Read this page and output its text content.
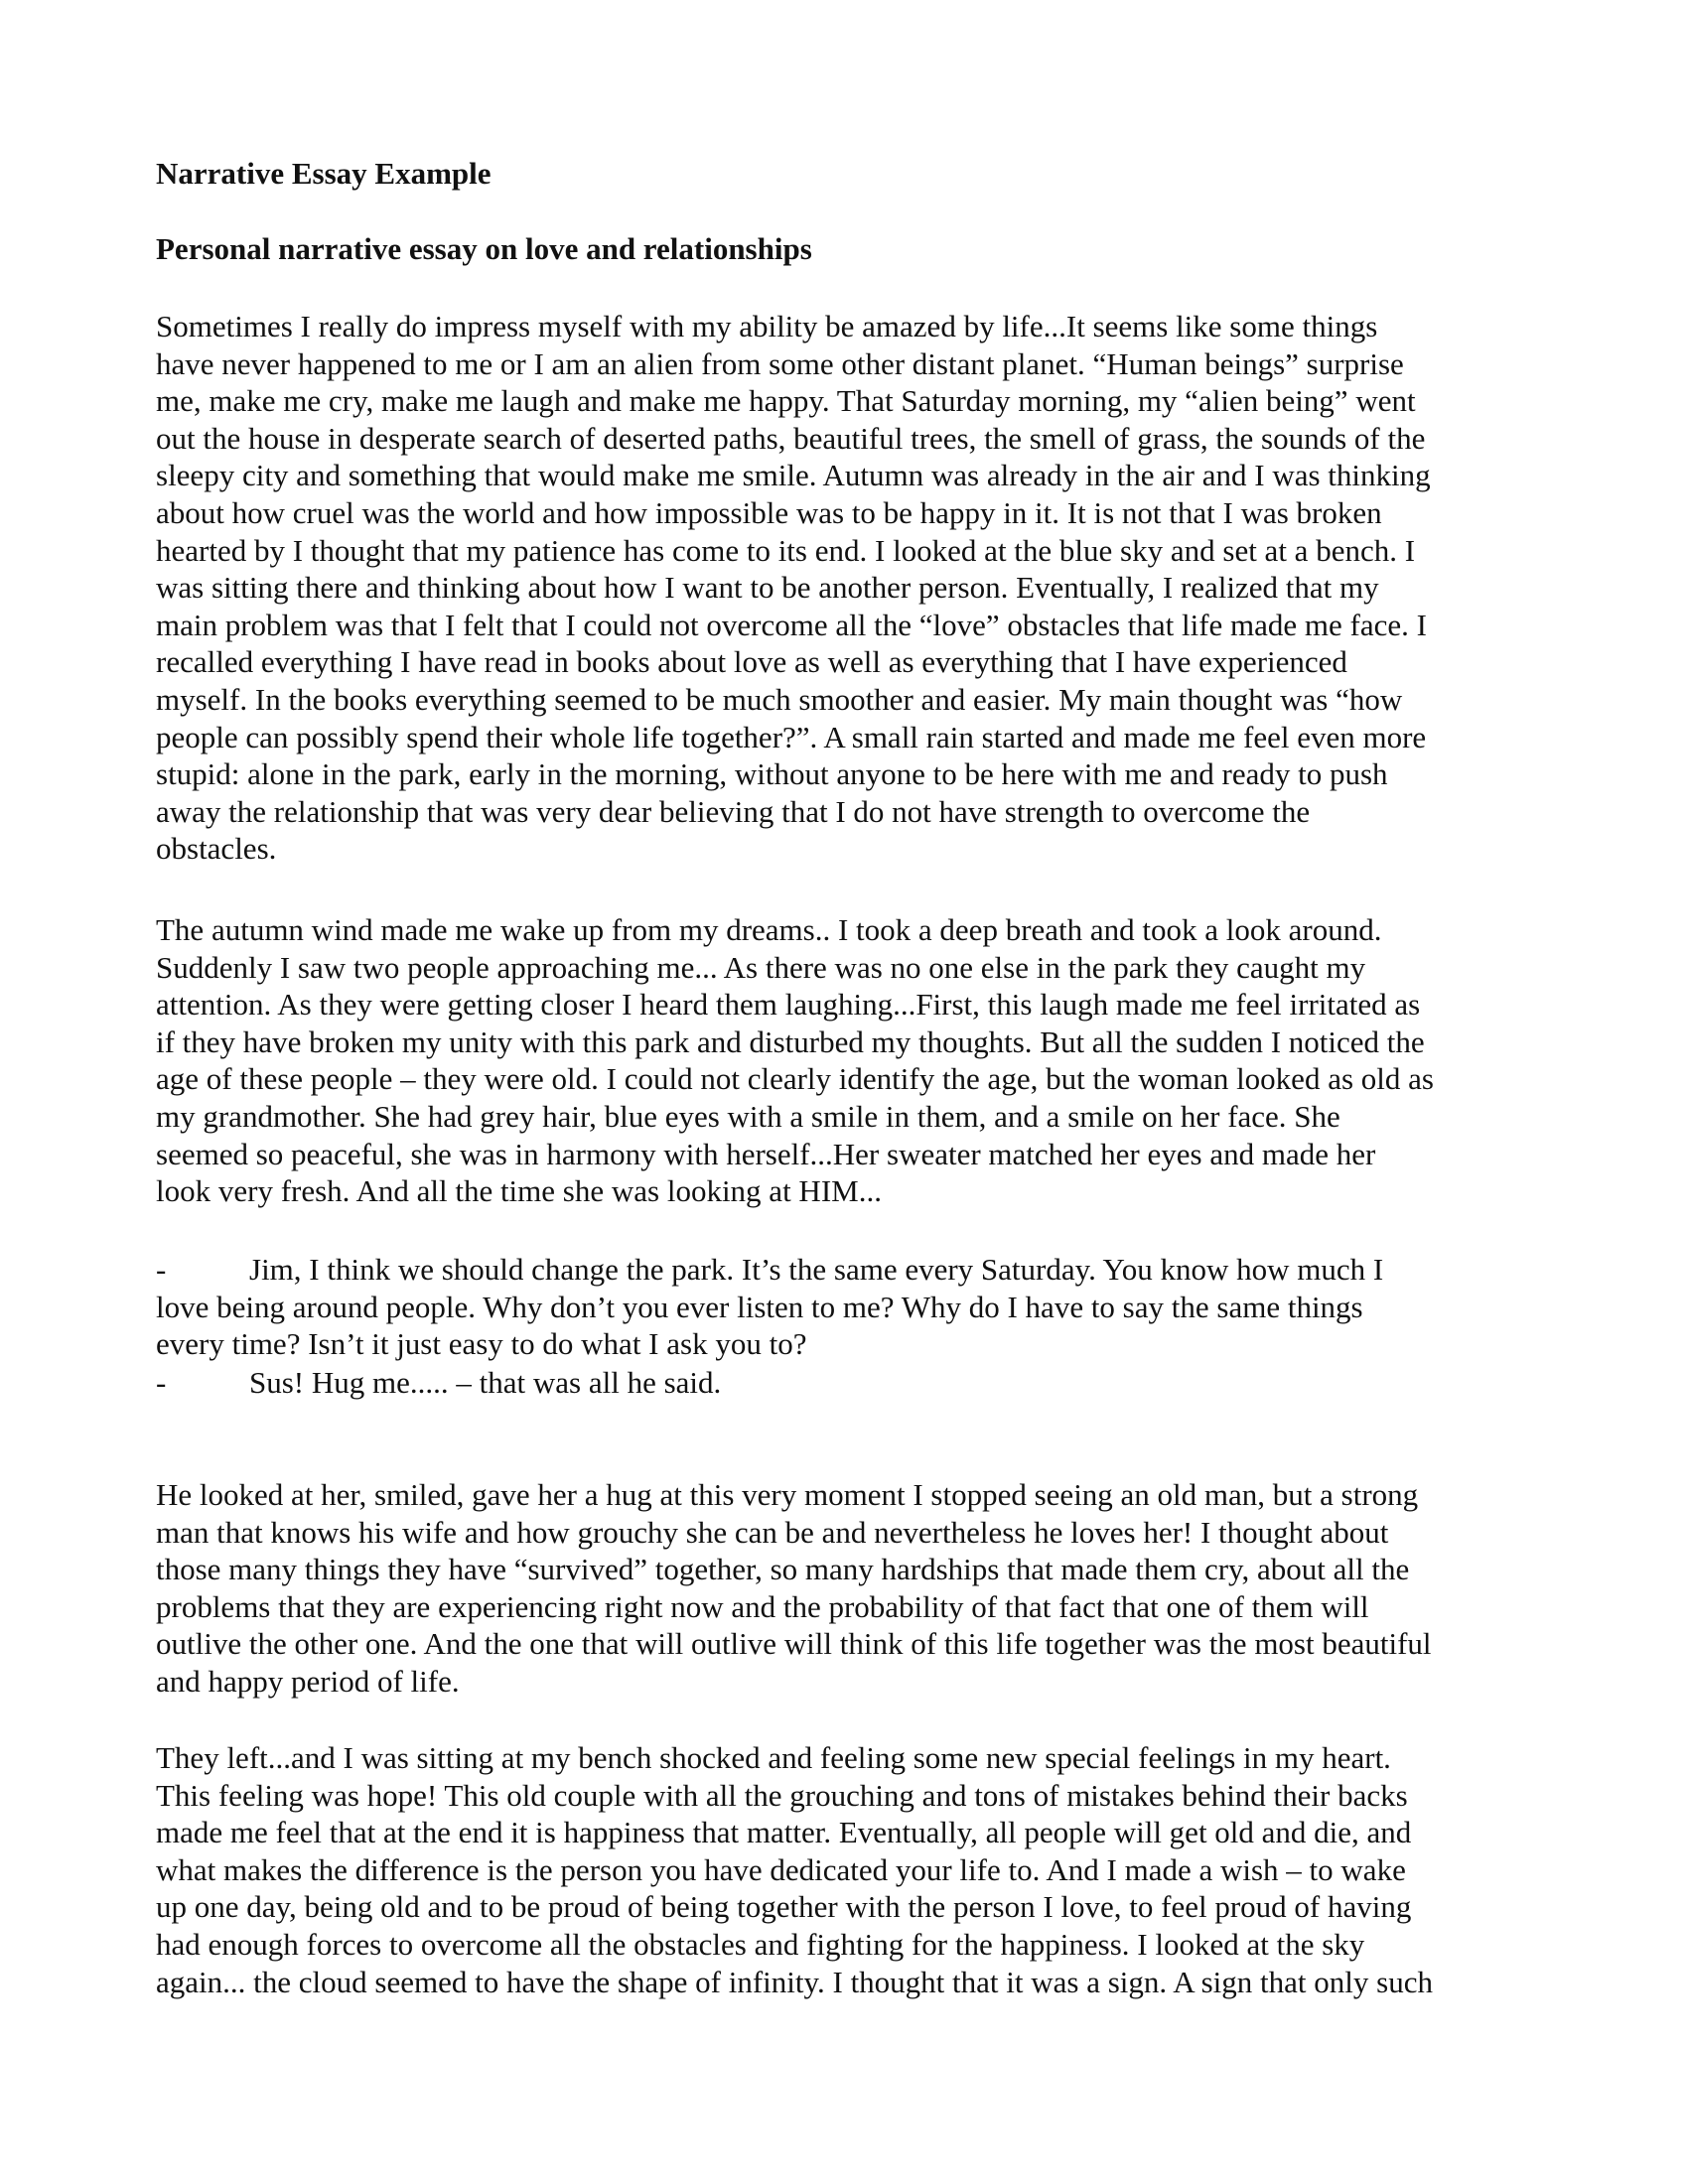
Narrative Essay Example
Personal narrative essay on love and relationships

Sometimes I really do impress myself with my ability be amazed by life...It seems like some things
have never happened to me or I am an alien from some other distant planet. “Human beings” surprise
me, make me cry, make me laugh and make me happy. That Saturday morning, my “alien being” went
out the house in desperate search of deserted paths, beautiful trees, the smell of grass, the sounds of the
sleepy city and something that would make me smile. Autumn was already in the air and I was thinking
about how cruel was the world and how impossible was to be happy in it. It is not that I was broken
hearted by I thought that my patience has come to its end. I looked at the blue sky and set at a bench. I
was sitting there and thinking about how I want to be another person. Eventually, I realized that my
main problem was that I felt that I could not overcome all the “love” obstacles that life made me face. I
recalled everything I have read in books about love as well as everything that I have experienced
myself. In the books everything seemed to be much smoother and easier. My main thought was “how
people can possibly spend their whole life together?”. A small rain started and made me feel even more
stupid: alone in the park, early in the morning, without anyone to be here with me and ready to push
away the relationship that was very dear believing that I do not have strength to overcome the
obstacles.

The autumn wind made me wake up from my dreams.. I took a deep breath and took a look around.
Suddenly I saw two people approaching me... As there was no one else in the park they caught my
attention. As they were getting closer I heard them laughing...First, this laugh made me feel irritated as
if they have broken my unity with this park and disturbed my thoughts. But all the sudden I noticed the
age of these people – they were old. I could not clearly identify the age, but the woman looked as old as
my grandmother. She had grey hair, blue eyes with a smile in them, and a smile on her face. She
seemed so peaceful, she was in harmony with herself...Her sweater matched her eyes and made her
look very fresh. And all the time she was looking at HIM...

-	Jim, I think we should change the park. It’s the same every Saturday. You know how much I
love being around people. Why don’t you ever listen to me? Why do I have to say the same things
every time? Isn’t it just easy to do what I ask you to?
-	Sus! Hug me..... – that was all he said.

He looked at her, smiled, gave her a hug at this very moment I stopped seeing an old man, but a strong
man that knows his wife and how grouchy she can be and nevertheless he loves her! I thought about
those many things they have “survived” together, so many hardships that made them cry, about all the
problems that they are experiencing right now and the probability of that fact that one of them will
outlive the other one. And the one that will outlive will think of this life together was the most beautiful
and happy period of life.

They left...and I was sitting at my bench shocked and feeling some new special feelings in my heart.
This feeling was hope! This old couple with all the grouching and tons of mistakes behind their backs
made me feel that at the end it is happiness that matter. Eventually, all people will get old and die, and
what makes the difference is the person you have dedicated your life to. And I made a wish – to wake
up one day, being old and to be proud of being together with the person I love, to feel proud of having
had enough forces to overcome all the obstacles and fighting for the happiness. I looked at the sky
again... the cloud seemed to have the shape of infinity. I thought that it was a sign. A sign that only such
